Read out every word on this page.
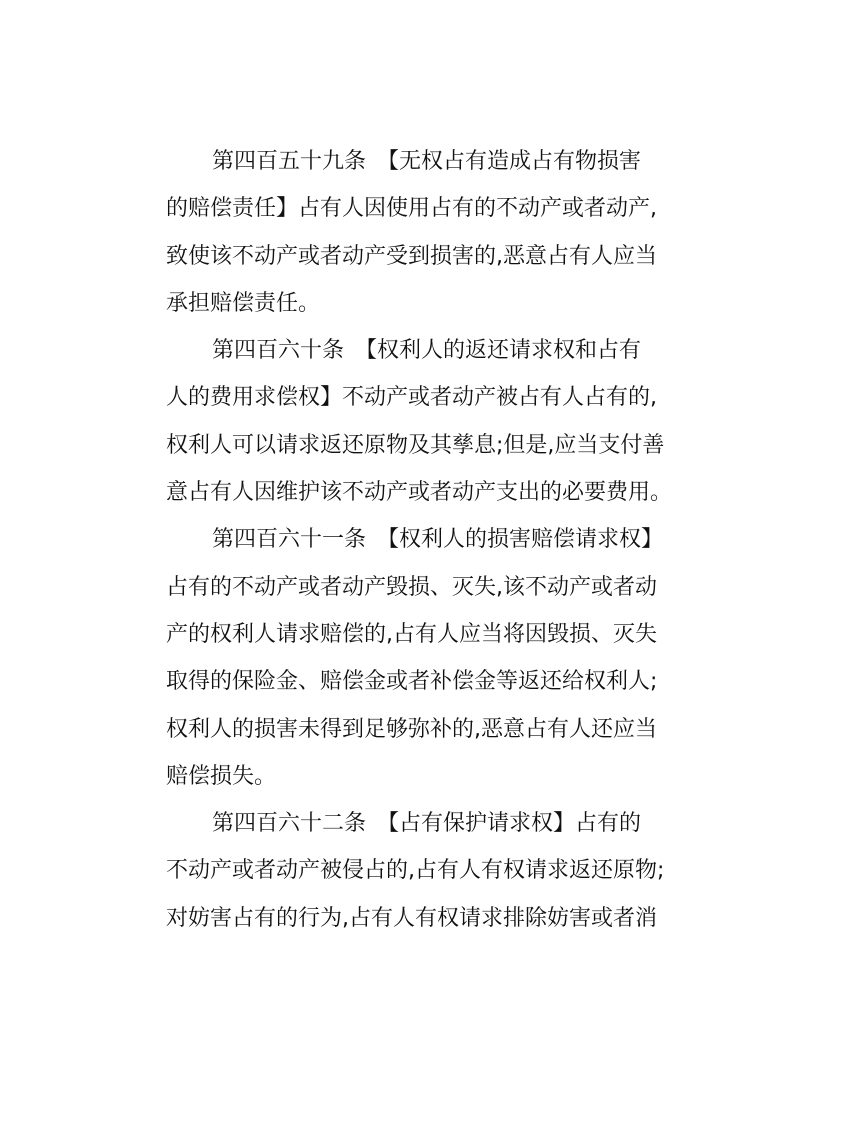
第四百五十九条　【无权占有造成占有物损害
的赔偿责任】占有人因使用占有的不动产或者动产,
致使该不动产或者动产受到损害的,恶意占有人应当
承担赔偿责任。
第四百六十条　【权利人的返还请求权和占有
人的费用求偿权】不动产或者动产被占有人占有的,
权利人可以请求返还原物及其孳息;但是,应当支付善
意占有人因维护该不动产或者动产支出的必要费用。
第四百六十一条　【权利人的损害赔偿请求权】
占有的不动产或者动产毁损、灭失,该不动产或者动
产的权利人请求赔偿的,占有人应当将因毁损、灭失
取得的保险金、赔偿金或者补偿金等返还给权利人;
权利人的损害未得到足够弥补的,恶意占有人还应当
赔偿损失。
第四百六十二条　【占有保护请求权】占有的
不动产或者动产被侵占的,占有人有权请求返还原物;
对妨害占有的行为,占有人有权请求排除妨害或者消
